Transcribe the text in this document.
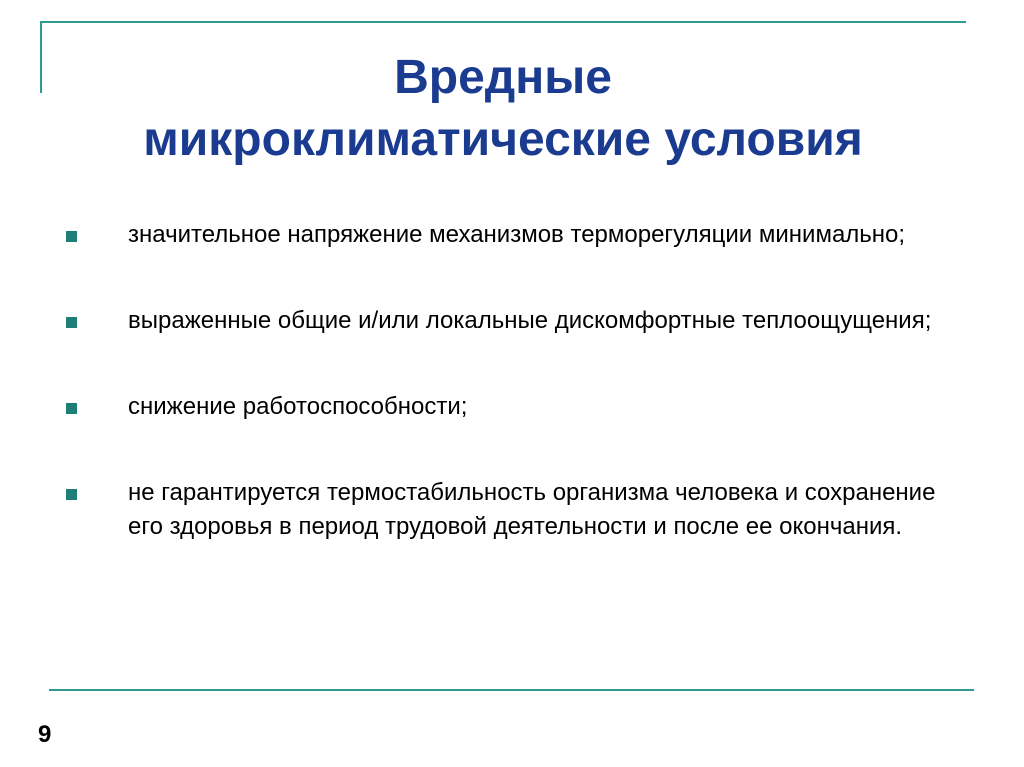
Вредные
микроклиматические условия
значительное напряжение механизмов терморегуляции минимально;
выраженные общие и/или локальные дискомфортные теплоощущения;
снижение работоспособности;
не гарантируется термостабильность организма человека и сохранение его здоровья в период трудовой деятельности и после ее окончания.
9
